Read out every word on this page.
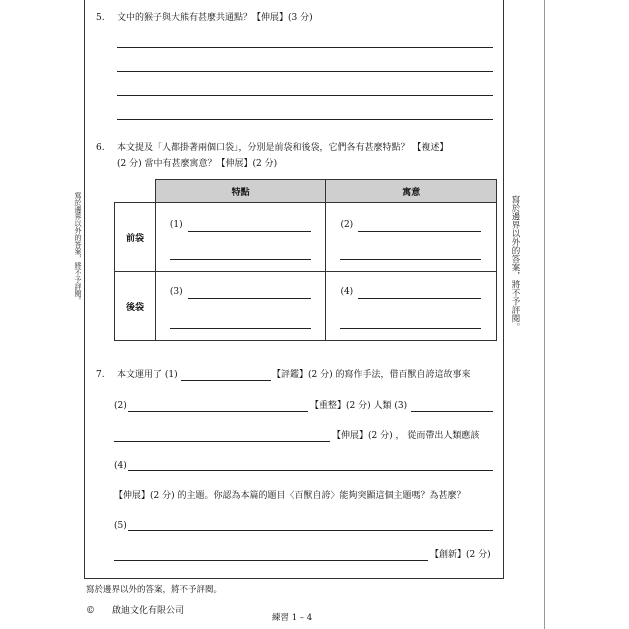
寫於邊界以外的答案，將不予評閱。	寫於邊界以外的答案，將不予評閱。
5. 文中的猴子與大熊有甚麼共通點？【伸展】(3 分)
6. 本文提及「人都掛著兩個口袋」，分別是前袋和後袋，它們各有甚麼特點？ 【複述】
(2 分) 當中有甚麼寓意？【伸展】(2 分)
	特點	寓意
前袋	(1)	(2)

後袋	(3)	(4)
7. 本文運用了 (1)	【評鑑】(2 分) 的寫作手法，借百獸自誇這故事來
(2)	【重整】(2 分) 人類 (3)
【伸展】(2 分) ， 從而帶出人類應該
(4)
【伸展】(2 分) 的主題。你認為本篇的題目〈百獸自誇〉能夠突顯這個主題嗎？為甚麼？
(5)
【創新】(2 分)
寫於邊界以外的答案，將不予評閱。
© 啟迪文化有限公司
練習 1 – 4
